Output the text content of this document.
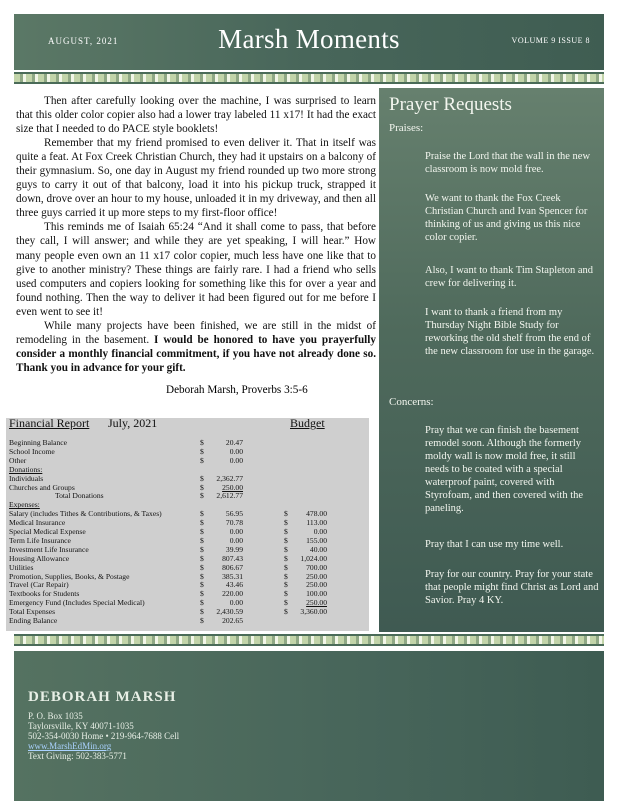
AUGUST, 2021	Marsh Moments	VOLUME 9 ISSUE 8

Then after carefully looking over the machine, I was surprised to learn that this older color copier also had a lower tray labeled 11 x17! It had the exact size that I needed to do PACE style booklets!

Remember that my friend promised to even deliver it. That in itself was quite a feat. At Fox Creek Christian Church, they had it upstairs on a balcony of their gymnasium. So, one day in August my friend rounded up two more strong guys to carry it out of that balcony, load it into his pickup truck, strapped it down, drove over an hour to my house, unloaded it in my driveway, and then all three guys carried it up more steps to my first-floor office!

This reminds me of Isaiah 65:24 “And it shall come to pass, that before they call, I will answer; and while they are yet speaking, I will hear.” How many people even own an 11 x17 color copier, much less have one like that to give to another ministry? These things are fairly rare. I had a friend who sells used computers and copiers looking for something like this for over a year and found nothing. Then the way to deliver it had been figured out for me before I even went to see it!

While many projects have been finished, we are still in the midst of remodeling in the basement. I would be honored to have you prayerfully consider a monthly financial commitment, if you have not already done so. Thank you in advance for your gift.

Deborah Marsh, Proverbs 3:5-6
Financial Report July, 2021	Budget
Beginning Balance	$	20.47
School Income	$	0.00
Other	$	0.00
Donations:
Individuals	$	2,362.77
Churches and Groups	$	250.00
Total Donations	$	2,612.77
Expenses:
Salary (includes Tithes & Contributions, & Taxes)	$	56.95	$	478.00
Medical Insurance	$	70.78	$	113.00
Special Medical Expense	$	0.00	$	0.00
Term Life Insurance	$	0.00	$	155.00
Investment Life Insurance	$	39.99	$	40.00
Housing Allowance	$	807.43	$	1,024.00
Utilities	$	806.67	$	700.00
Promotion, Supplies, Books, & Postage	$	385.31	$	250.00
Travel (Car Repair)	$	43.46	$	250.00
Textbooks for Students	$	220.00	$	100.00
Emergency Fund (Includes Special Medical)	$	0.00	$	250.00
Total Expenses	$	2,430.59	$	3,360.00
Ending Balance	$	202.65
Prayer Requests
Praises:
Praise the Lord that the wall in the new classroom is now mold free.
We want to thank the Fox Creek Christian Church and Ivan Spencer for thinking of us and giving us this nice color copier.
Also, I want to thank Tim Stapleton and crew for delivering it.
I want to thank a friend from my Thursday Night Bible Study for reworking the old shelf from the end of the new classroom for use in the garage.
Concerns:
Pray that we can finish the basement remodel soon. Although the formerly moldy wall is now mold free, it still needs to be coated with a special waterproof paint, covered with Styrofoam, and then covered with the paneling.
Pray that I can use my time well.
Pray for our country. Pray for your state that people might find Christ as Lord and Savior. Pray 4 KY.
DEBORAH MARSH
P. O. Box 1035
Taylorsville, KY 40071-1035
502-354-0030 Home • 219-964-7688 Cell
www.MarshEdMin.org
Text Giving: 502-383-5771
